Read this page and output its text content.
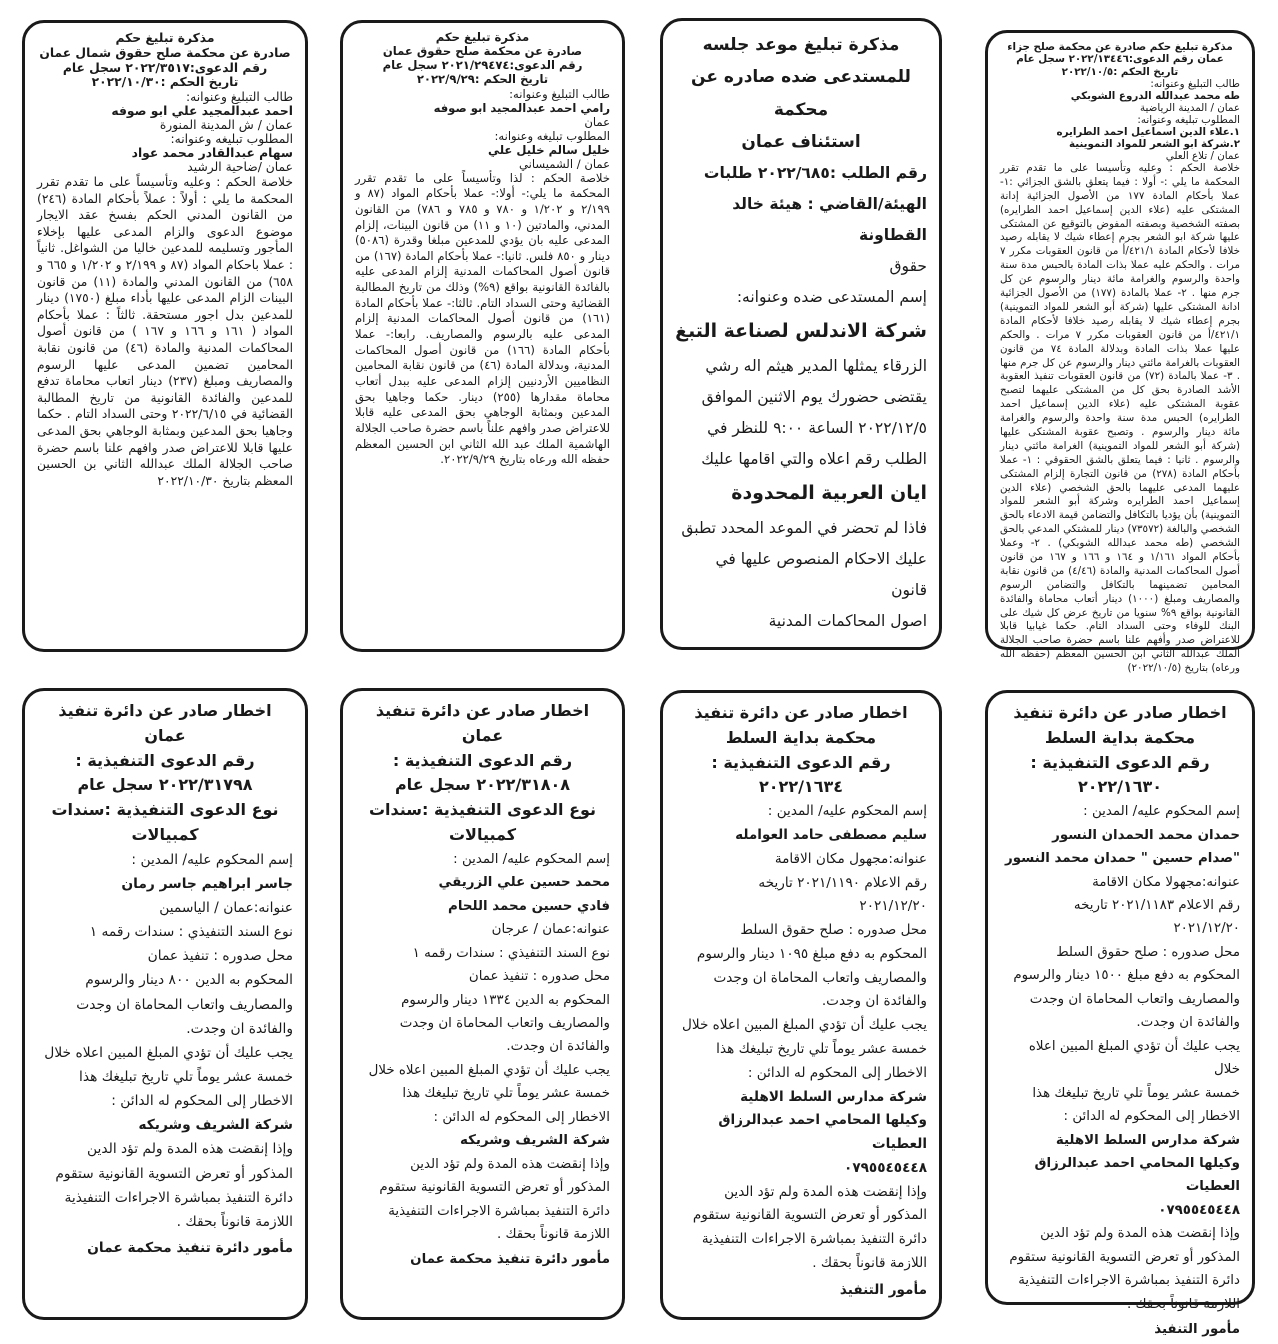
مذكرة تبليغ حكم صادرة عن محكمة صلح جزاء

عمان رقم الدعوى:٢٠٢٢/١٣٤٤٦ سجل عام

تاريخ الحكم :٢٠٢٢/١٠/٥

طالب التبليغ وعنوانه:

طه محمد عبدالله الدروع الشوبكي

عمان / المدينة الرياضية

المطلوب تبليغه وعنوانه:

١.علاء الدين اسماعيل احمد الطرايره

٢.شركة ابو الشعر للمواد التموينية

عمان / تلاع العلي

خلاصة الحكم : وعليه وتأسيسا على ما تقدم تقرر المحكمة ما يلي :- أولا : فيما يتعلق بالشق الجزائي :١- عملا بأحكام المادة ١٧٧ من الأصول الجزائية إدانة المشتكى عليه (علاء الدين إسماعيل احمد الطرايره) بصفته الشخصية وبصفته المفوض بالتوقيع عن المشتكى عليها شركة ابو الشعر بجرم إعطاء شيك لا يقابله رصيد خلافا لأحكام المادة ٤٢١/١/أ من قانون العقوبات مكرر ٧ مرات . والحكم عليه عملا بذات المادة بالحبس مدة سنة واحدة والرسوم والغرامة مائة دينار والرسوم عن كل جرم منها . ٢- عملا بالمادة (١٧٧) من الأصول الجزائية ادانة المشتكى عليها (شركة أبو الشعر للمواد التموينية) بجرم إعطاء شيك لا يقابله رصيد خلافا لأحكام المادة ٤٢١/١/أ من قانون العقوبات مكرر ٧ مرات . والحكم عليها عملا بذات المادة وبدلالة المادة ٧٤ من قانون العقوبات بالغرامة مائتي دينار والرسوم عن كل جرم منها . ٣- عملا بالمادة (٧٢) من قانون العقوبات تنفيذ العقوبة الأشد الصادرة بحق كل من المشتكى عليهما لتصبح عقوبة المشتكى عليه (علاء الدين إسماعيل احمد الطرايره) الحبس مدة سنة واحدة والرسوم والغرامة مائة دينار والرسوم . وتصبح عقوبة المشتكى عليها (شركة أبو الشعر للمواد التموينية) الغرامة مائتي دينار والرسوم . ثانيا : فيما يتعلق بالشق الحقوقي : ١- عملا بأحكام المادة (٢٧٨) من قانون التجارة إلزام المشتكى عليهما المدعى عليهما بالحق الشخصي (علاء الدين إسماعيل احمد الطرايره وشركة أبو الشعر للمواد التموينية) بأن يؤديا بالتكافل والتضامن قيمة الادعاء بالحق الشخصي والبالغة (٧٣٥٧٢) دينار للمشتكي المدعي بالحق الشخصي (طه محمد عبدالله الشوبكي) . ٢- وعملا بأحكام المواد ١/١٦١ و ١٦٤ و ١٦٦ و ١٦٧ من قانون أصول المحاكمات المدنية والمادة (٤/٤٦) من قانون نقابة المحامين تضمينهما بالتكافل والتضامن الرسوم والمصاريف ومبلغ (١٠٠٠) دينار أتعاب محاماة والفائدة القانونية بواقع ٩% سنويا من تاريخ عرض كل شيك على البنك للوفاء وحتى السداد التام. حكما غيابيا قابلا للاعتراض صدر وأفهم علنا باسم حضرة صاحب الجلالة الملك عبدالله الثاني ابن الحسين المعظم (حفظه الله ورعاه) بتاريخ (٢٠٢٢/١٠/٥)

مذكرة تبليغ موعد جلسه

للمستدعى ضده صادره عن محكمة

استئناف عمان

رقم الطلب :٢٠٢٢/٦٨٥ طلبات

الهيئة/القاضي : هيئة خالد القطاونة

حقوق

إسم المستدعى ضده وعنوانه:

شركة الاندلس لصناعة التبغ

الزرقاء يمثلها المدير هيثم اله رشي

يقتضى حضورك يوم الاثنين الموافق

٢٠٢٢/١٢/٥ الساعة ٩:٠٠ للنظر في

الطلب رقم اعلاه والتي اقامها عليك

ايان العربية المحدودة

فاذا لم تحضر في الموعد المحدد تطبق

عليك الاحكام المنصوص عليها في قانون

اصول المحاكمات المدنية

مذكرة تبليغ حكم

صادرة عن محكمة صلح حقوق عمان

رقم الدعوى:٢٠٢١/٢٩٤٧٤ سجل عام

تاريخ الحكم :٢٠٢٢/٩/٢٩

طالب التبليغ وعنوانه:

رامي احمد عبدالمجيد ابو صوفه

عمان

المطلوب تبليغه وعنوانه:

خليل سالم خليل علي

عمان / الشميساني

خلاصة الحكم : لذا وتأسيساً على ما تقدم تقرر المحكمة ما يلي:- أولا:- عملا بأحكام المواد (٨٧ و ٢/١٩٩ و ١/٢٠٢ و ٧٨٠ و ٧٨٥ و ٧٨٦) من القانون المدني، والمادتين (١٠ و ١١) من قانون البينات، إلزام المدعى عليه بان يؤدي للمدعين مبلغا وقدرة (٥٠٨٦) دينار و ٨٥٠ فلس. ثانيا:- عملا بأحكام المادة (١٦٧) من قانون أصول المحاكمات المدنية إلزام المدعى عليه بالفائدة القانونية بواقع (٩%) وذلك من تاريخ المطالبة القضائية وحتى السداد التام. ثالثا:- عملا بأحكام المادة (١٦١) من قانون أصول المحاكمات المدنية إلزام المدعى عليه بالرسوم والمصاريف. رابعا:- عملا بأحكام المادة (١٦٦) من قانون أصول المحاكمات المدنية، وبدلالة المادة (٤٦) من قانون نقابة المحامين النظاميين الأردنيين إلزام المدعى عليه ببدل أتعاب محاماة مقدارها (٢٥٥) دينار. حكما وجاهيا بحق المدعين وبمثابة الوجاهي بحق المدعى عليه قابلا للاعتراض صدر وافهم علناً باسم حضرة صاحب الجلالة الهاشمية الملك عبد الله الثاني ابن الحسين المعظم حفظه الله ورعاه بتاريخ ٢٠٢٢/٩/٢٩.

مذكرة تبليغ حكم

صادرة عن محكمة صلح حقوق شمال عمان

رقم الدعوى:٢٠٢٢/٣٥١٧ سجل عام

تاريخ الحكم :٢٠٢٢/١٠/٣٠

طالب التبليغ وعنوانه:

احمد عبدالمجيد علي ابو صوفه

عمان / ش المدينة المنورة

المطلوب تبليغه وعنوانه:

سهام عبدالقادر محمد عواد

عمان /ضاحية الرشيد

خلاصة الحكم : وعليه وتأسيساً على ما تقدم تقرر المحكمة ما يلي : أولاً : عملاً بأحكام المادة (٢٤٦) من القانون المدني الحكم بفسخ عقد الايجار موضوع الدعوى والزام المدعى عليها بإخلاء المأجور وتسليمه للمدعين خاليا من الشواغل. ثانياً : عملا باحكام المواد (٨٧ و ٢/١٩٩ و ١/٢٠٢ و ٦٦٥ و ٦٥٨) من القانون المدني والمادة (١١) من قانون البينات الزام المدعى عليها بأداء مبلغ (١٧٥٠) دينار للمدعين بدل اجور مستحقة. ثالثاً : عملا بأحكام المواد ( ١٦١ و ١٦٦ و ١٦٧ ) من قانون أصول المحاكمات المدنية والمادة (٤٦) من قانون نقابة المحامين تضمين المدعى عليها الرسوم والمصاريف ومبلغ (٢٣٧) دينار اتعاب محاماة تدفع للمدعين والفائدة القانونية من تاريخ المطالبة القضائية في ٢٠٢٢/٦/١٥ وحتى السداد التام . حكما وجاهيا بحق المدعين وبمثابة الوجاهي بحق المدعى عليها قابلا للاعتراض صدر وافهم علنا باسم حضرة صاحب الجلالة الملك عبدالله الثاني بن الحسين المعظم بتاريخ ٢٠٢٢/١٠/٣٠

اخطار صادر عن دائرة تنفيذ

محكمة بداية السلط

رقم الدعوى التنفيذية :

٢٠٢٢/١٦٣٠

إسم المحكوم عليه/ المدين :

حمدان محمد الحمدان النسور

"صدام حسين " حمدان محمد النسور

عنوانه:مجهولا مكان الاقامة

رقم الاعلام ٢٠٢١/١١٨٣ تاريخه

٢٠٢١/١٢/٢٠

محل صدوره : صلح حقوق السلط

المحكوم به دفع مبلغ ١٥٠٠ دينار والرسوم

والمصاريف واتعاب المحاماة ان وجدت

والفائدة ان وجدت.

يجب عليك أن تؤدي المبلغ المبين اعلاه خلال

خمسة عشر يوماً تلي تاريخ تبليغك هذا

الاخطار إلى المحكوم له الدائن :

شركة مدارس السلط الاهلية

وكيلها المحامي احمد عبدالرزاق العطيات

٠٧٩٥٥٤٥٤٤٨

وإذا إنقضت هذه المدة ولم تؤد الدين

المذكور أو تعرض التسوية القانونية ستقوم

دائرة التنفيذ بمباشرة الاجراءات التنفيذية

اللازمة قانوناً بحقك .

مأمور التنفيذ

اخطار صادر عن دائرة تنفيذ

محكمة بداية السلط

رقم الدعوى التنفيذية :

٢٠٢٢/١٦٣٤

إسم المحكوم عليه/ المدين :

سليم مصطفى حامد العوامله

عنوانه:مجهول مكان الاقامة

رقم الاعلام ٢٠٢١/١١٩٠ تاريخه

٢٠٢١/١٢/٢٠

محل صدوره : صلح حقوق السلط

المحكوم به دفع مبلغ ١٠٩٥ دينار والرسوم

والمصاريف واتعاب المحاماة ان وجدت

والفائدة ان وجدت.

يجب عليك أن تؤدي المبلغ المبين اعلاه خلال

خمسة عشر يوماً تلي تاريخ تبليغك هذا

الاخطار إلى المحكوم له الدائن :

شركة مدارس السلط الاهلية

وكيلها المحامي احمد عبدالرزاق العطيات

٠٧٩٥٥٤٥٤٤٨

وإذا إنقضت هذه المدة ولم تؤد الدين

المذكور أو تعرض التسوية القانونية ستقوم

دائرة التنفيذ بمباشرة الاجراءات التنفيذية

اللازمة قانوناً بحقك .

مأمور التنفيذ

اخطار صادر عن دائرة تنفيذ عمان

رقم الدعوى التنفيذية :

٢٠٢٢/٣١٨٠٨ سجل عام

نوع الدعوى التنفيذية :سندات كمبيالات

إسم المحكوم عليه/ المدين :

محمد حسين علي الزريقي

فادي حسين محمد اللحام

عنوانه:عمان / عرجان

نوع السند التنفيذي : سندات رقمه ١

محل صدوره : تنفيذ عمان

المحكوم به الدين ١٣٣٤ دينار والرسوم

والمصاريف واتعاب المحاماة ان وجدت

والفائدة ان وجدت.

يجب عليك أن تؤدي المبلغ المبين اعلاه خلال

خمسة عشر يوماً تلي تاريخ تبليغك هذا

الاخطار إلى المحكوم له الدائن :

شركة الشريف وشريكه

وإذا إنقضت هذه المدة ولم تؤد الدين

المذكور أو تعرض التسوية القانونية ستقوم

دائرة التنفيذ بمباشرة الاجراءات التنفيذية

اللازمة قانوناً بحقك .

مأمور دائرة تنفيذ محكمة عمان

اخطار صادر عن دائرة تنفيذ عمان

رقم الدعوى التنفيذية :

٢٠٢٢/٣١٧٩٨ سجل عام

نوع الدعوى التنفيذية :سندات كمبيالات

إسم المحكوم عليه/ المدين :

جاسر ابراهيم جاسر رمان

عنوانه:عمان / الياسمين

نوع السند التنفيذي : سندات رقمه ١

محل صدوره : تنفيذ عمان

المحكوم به الدين ٨٠٠ دينار والرسوم

والمصاريف واتعاب المحاماة ان وجدت

والفائدة ان وجدت.

يجب عليك أن تؤدي المبلغ المبين اعلاه خلال

خمسة عشر يوماً تلي تاريخ تبليغك هذا

الاخطار إلى المحكوم له الدائن :

شركة الشريف وشريكه

وإذا إنقضت هذه المدة ولم تؤد الدين

المذكور أو تعرض التسوية القانونية ستقوم

دائرة التنفيذ بمباشرة الاجراءات التنفيذية

اللازمة قانوناً بحقك .

مأمور دائرة تنفيذ محكمة عمان
